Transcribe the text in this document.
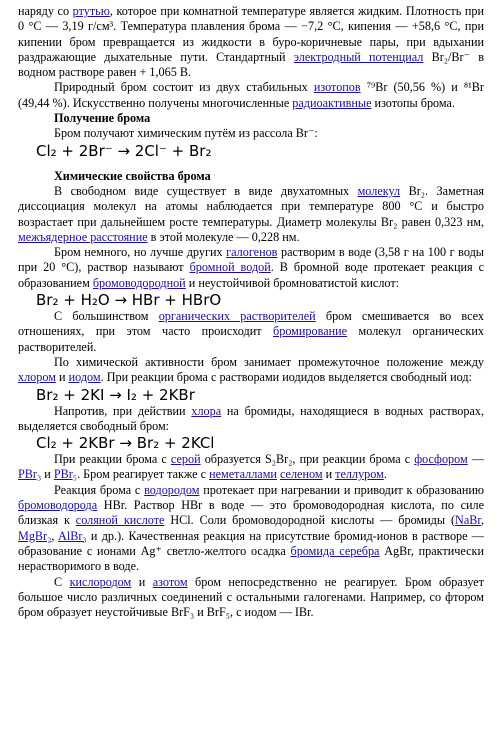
наряду со ртутью, которое при комнатной температуре является жидким. Плотность при 0 °C — 3,19 г/см³. Температура плавления брома — −7,2 °C, кипения — +58,6 °C, при кипении бром превращается из жидкости в буро-коричневые пары, при вдыхании раздражающие дыхательные пути. Стандартный электродный потенциал Br₂/Br⁻ в водном растворе равен + 1,065 В.

Природный бром состоит из двух стабильных изотопов ⁷⁹Br (50,56 %) и ⁸¹Br (49,44 %). Искусственно получены многочисленные радиоактивные изотопы брома.

Получение брома

Бром получают химическим путём из рассола Br⁻:

Cl₂ + 2Br⁻ → 2Cl⁻ + Br₂
Химические свойства брома

В свободном виде существует в виде двухатомных молекул Br₂. Заметная диссоциация молекул на атомы наблюдается при температуре 800 °C и быстро возрастает при дальнейшем росте температуры. Диаметр молекулы Br₂ равен 0,323 нм, межъядерное расстояние в этой молекуле — 0,228 нм.

Бром немного, но лучше других галогенов растворим в воде (3,58 г на 100 г воды при 20 °C), раствор называют бромной водой. В бромной воде протекает реакция с образованием бромоводородной и неустойчивой бромноватистой кислот:

Br₂ + H₂O → HBr + HBrO

С большинством органических растворителей бром смешивается во всех отношениях, при этом часто происходит бромирование молекул органических растворителей.

По химической активности бром занимает промежуточное положение между хлором и иодом. При реакции брома с растворами иодидов выделяется свободный иод:

Br₂ + 2KI → I₂ + 2KBr

Напротив, при действии хлора на бромиды, находящиеся в водных растворах, выделяется свободный бром:

Cl₂ + 2KBr → Br₂ + 2KCl

При реакции брома с серой образуется S₂Br₂, при реакции брома с фосфором — PBr₃ и PBr₅. Бром реагирует также с неметаллами селеном и теллуром.

Реакция брома с водородом протекает при нагревании и приводит к образованию бромоводорода HBr. Раствор HBr в воде — это бромоводородная кислота, по силе близкая к соляной кислоте HCl. Соли бромоводородной кислоты — бромиды (NaBr, MgBr₂, AlBr₃ и др.). Качественная реакция на присутствие бромид-ионов в растворе — образование с ионами Ag⁺ светло-желтого осадка бромида серебра AgBr, практически нерастворимого в воде.

С кислородом и азотом бром непосредственно не реагирует. Бром образует большое число различных соединений с остальными галогенами. Например, со фтором бром образует неустойчивые BrF₃ и BrF₅, с иодом — IBr.
